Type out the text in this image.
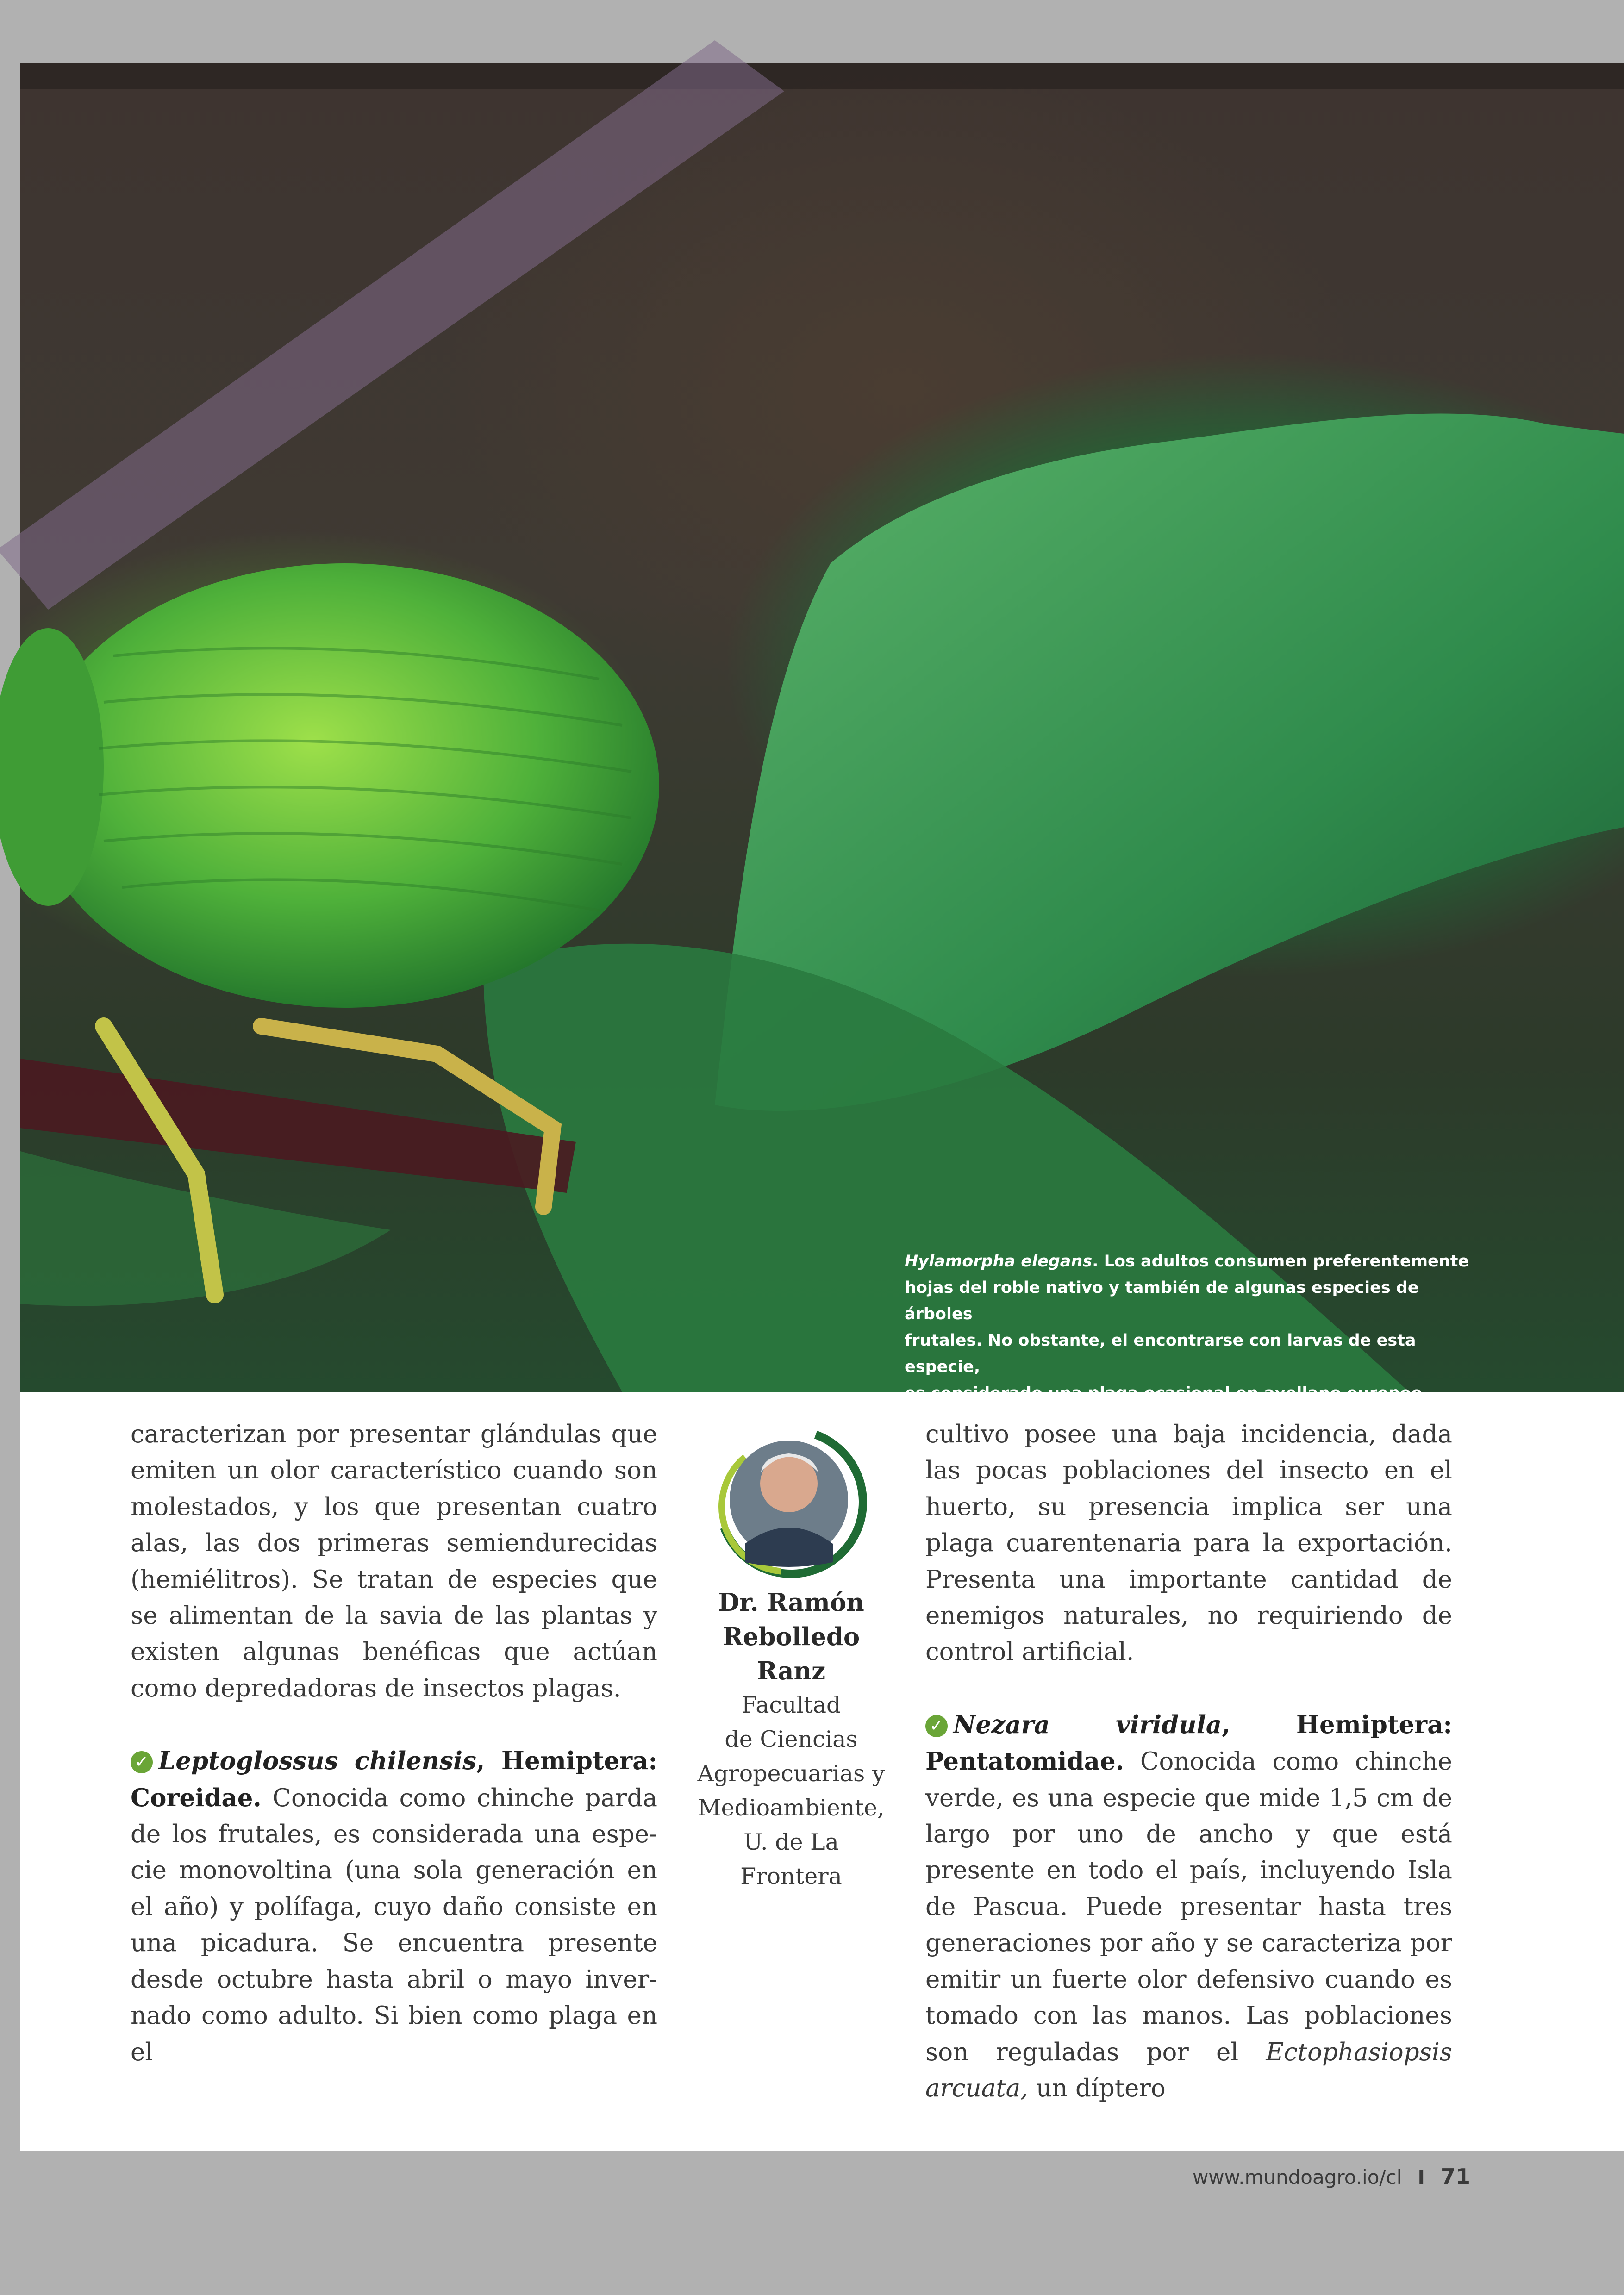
Hylamorpha elegans. Los adultos consumen preferentemente
hojas del roble nativo y también de algunas especies de árboles
frutales. No obstante, el encontrarse con larvas de esta especie,
es considerado una plaga ocasional en avellano europeo.

caracterizan por presentar glándulas que emiten un olor característico cuando son molestados, y los que presentan cuatro alas, las dos primeras semiendurecidas (hemiélitros). Se tratan de especies que se alimentan de la savia de las plantas y existen algunas benéficas que actúan como depredadoras de insectos plagas.

✓ Leptoglossus chilensis, Hemiptera: Coreidae. Conocida como chinche parda de los frutales, es considerada una especie monovoltina (una sola generación en el año) y polífaga, cuyo daño consiste en una picadura. Se encuentra presente desde octubre hasta abril o mayo invernado como adulto. Si bien como plaga en el

Dr. Ramón
Rebolledo Ranz
Facultad
de Ciencias
Agropecuarias y
Medioambiente,
U. de La Frontera

cultivo posee una baja incidencia, dada las pocas poblaciones del insecto en el huerto, su presencia implica ser una plaga cuarentenaria para la exportación. Presenta una importante cantidad de enemigos naturales, no requiriendo de control artificial.

✓ Nezara viridula, Hemiptera: Pentatomidae. Conocida como chinche verde, es una especie que mide 1,5 cm de largo por uno de ancho y que está presente en todo el país, incluyendo Isla de Pascua. Puede presentar hasta tres generaciones por año y se caracteriza por emitir un fuerte olor defensivo cuando es tomado con las manos. Las poblaciones son reguladas por el Ectophasiopsis arcuata, un díptero

www.mundoagro.io/cl I 71
